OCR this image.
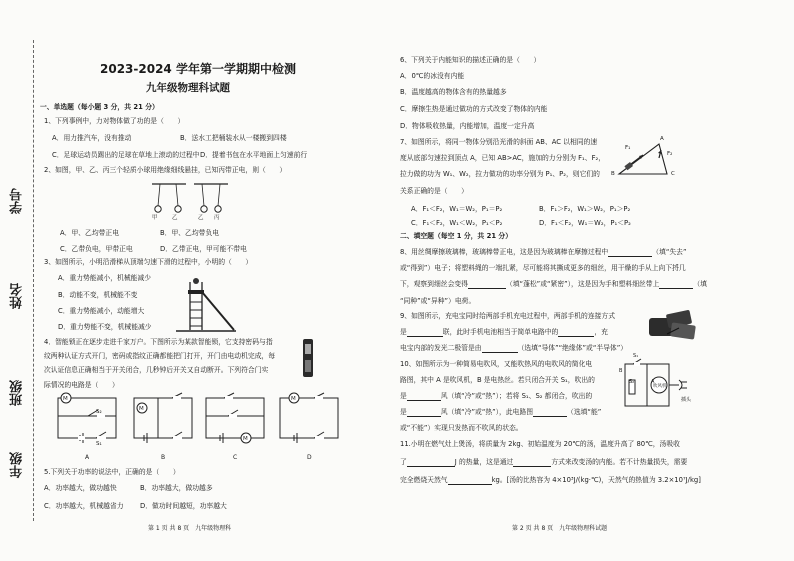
学号
姓名
班级
年级
2023-2024 学年第一学期期中检测
九年级物理科试题
一、单选题（每小题 3 分，共 21 分）
1、下列事例中，力对物体做了功的是（　　）
A．用力推汽车，没有推动	B．送水工把桶装水从一楼搬到四楼
C．足球运动员踢出的足球在草地上滚动的过程中 D．提着书包在水平地面上匀速前行
2、如图，甲、乙、丙三个轻质小球用绝缘细线悬挂，已知丙带正电，则（　　）
甲	乙	乙 丙
A．甲、乙均带正电	B．甲、乙均带负电
C．乙带负电，甲带正电	D．乙带正电，甲可能不带电
3、如图所示，小明沿滑梯从顶端匀速下滑的过程中，小明的（　　）
A．重力势能减小，机械能减少
B．动能不变，机械能不变
C．重力势能减小，动能增大
D．重力势能不变，机械能减少
4．智能锁正在逐步走进千家万户。下图所示为某款智能锁，它支持密码与指
纹两种认证方式开门，密码或指纹正确都能把门打开，开门由电动机完成，每
次认证信息正确相当于开关闭合，几秒钟后开关又自动断开。下列符合门实
际情况的电路是（　　）
M
M
M
M
S₂
S₁
A	B	C	D
5.下列关于功率的说法中，正确的是（　　）
A．功率越大，做功越快	B．功率越大，做功越多
C．功率越大，机械越省力 D．做功时间越短，功率越大
第 1 页 共 8 页　九年级物理科
6、下列关于内能知识的描述正确的是（　　）
A．0℃的冰没有内能
B．温度越高的物体含有的热量越多
C．摩擦生热是通过做功的方式改变了物体的内能
D．物体吸收热量，内能增加，温度一定升高
7、如图所示，将同一物体分别沿光滑的斜面 AB、AC 以相同的速
度从底部匀速拉到顶点 A，已知 AB>AC，施加的力分别为 F₁、F₂，
拉力做的功为 W₁、W₂，拉力做功的功率分别为 P₁、P₂，则它们的
关系正确的是（　　）
F₁
F₂
A
B	C
A．F₁＜F₂，W₁＝W₂，P₁＝P₂	B．F₁＞F₂，W₁＞W₂，P₁＞P₂
C．F₁＜F₂，W₁＜W₂，P₁＜P₂	D．F₁＜F₂，W₁＝W₂，P₁＜P₂
二、填空题（每空 1 分，共 21 分）
8、用丝绸摩擦玻璃棒，玻璃棒带正电，这是因为玻璃棒在摩擦过程中	（填“失去”
或“得到”）电子；将塑料绳的一端扎紧，尽可能将其撕成更多的细丝，用干燥的手从上向下捋几
下，观察到细丝会变得	（填“蓬松”或“紧密”），这是因为手和塑料细丝带上	（填
“同种”或“异种”）电荷。
9、如图所示，充电宝同时给两部手机充电过程中，两部手机的连接方式
是	联，此时手机电池相当于简单电路中的	，充
电宝内部的发光二极管是由	（选填“导体”“绝缘体”或“半导体”）
10、如图所示为一种简易电吹风，又能吹热风的电吹风的简化电
路图，其中 A 是吹风机，B 是电热丝。若只闭合开关 S₁，吹出的
是	风（填“冷”或“热”）；若将 S₁、S₂ 都闭合，吹出的
是	风（填“冷”或“热”），此电路图	（选填“能”
或“不能”）实现只发热而不吹风的状态。
B
S₂	A
吹风机
S₁
插头
11.小明在燃气灶上煲汤，将质量为 2kg、初始温度为 20℃的汤，温度升高了 80℃，汤吸收
了	J 的热量，这是通过	方式来改变汤的内能。若不计热量损失，需要
完全燃烧天然气	kg。[汤的比热容为 4×10³J/(kg·℃)，天然气的热值为 3.2×10⁷J/kg]
第 2 页 共 8 页　九年级物理科试题
